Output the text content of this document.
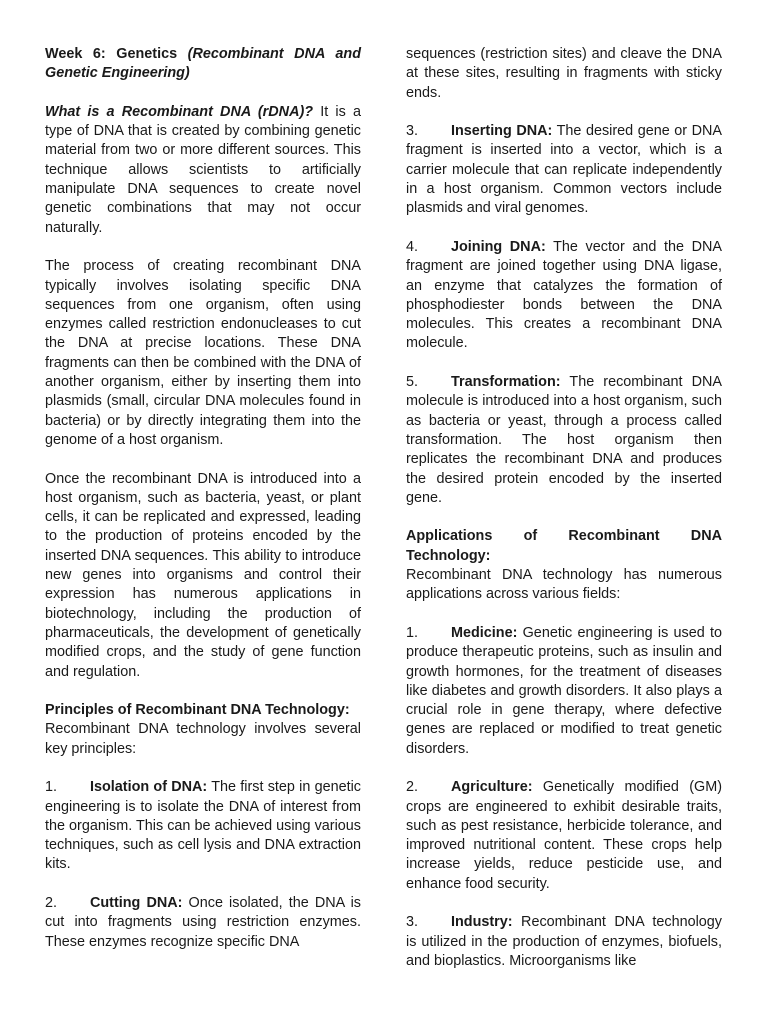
Week 6: Genetics (Recombinant DNA and Genetic Engineering)

What is a Recombinant DNA (rDNA)? It is a type of DNA that is created by combining genetic material from two or more different sources. This technique allows scientists to artificially manipulate DNA sequences to create novel genetic combinations that may not occur naturally.

The process of creating recombinant DNA typically involves isolating specific DNA sequences from one organism, often using enzymes called restriction endonucleases to cut the DNA at precise locations. These DNA fragments can then be combined with the DNA of another organism, either by inserting them into plasmids (small, circular DNA molecules found in bacteria) or by directly integrating them into the genome of a host organism.

Once the recombinant DNA is introduced into a host organism, such as bacteria, yeast, or plant cells, it can be replicated and expressed, leading to the production of proteins encoded by the inserted DNA sequences. This ability to introduce new genes into organisms and control their expression has numerous applications in biotechnology, including the production of pharmaceuticals, the development of genetically modified crops, and the study of gene function and regulation.

Principles of Recombinant DNA Technology:

Recombinant DNA technology involves several key principles:

1. Isolation of DNA: The first step in genetic engineering is to isolate the DNA of interest from the organism. This can be achieved using various techniques, such as cell lysis and DNA extraction kits.

2. Cutting DNA: Once isolated, the DNA is cut into fragments using restriction enzymes. These enzymes recognize specific DNA

sequences (restriction sites) and cleave the DNA at these sites, resulting in fragments with sticky ends.

3. Inserting DNA: The desired gene or DNA fragment is inserted into a vector, which is a carrier molecule that can replicate independently in a host organism. Common vectors include plasmids and viral genomes.

4. Joining DNA: The vector and the DNA fragment are joined together using DNA ligase, an enzyme that catalyzes the formation of phosphodiester bonds between the DNA molecules. This creates a recombinant DNA molecule.

5. Transformation: The recombinant DNA molecule is introduced into a host organism, such as bacteria or yeast, through a process called transformation. The host organism then replicates the recombinant DNA and produces the desired protein encoded by the inserted gene.

Applications of Recombinant DNA Technology:

Recombinant DNA technology has numerous applications across various fields:

1. Medicine: Genetic engineering is used to produce therapeutic proteins, such as insulin and growth hormones, for the treatment of diseases like diabetes and growth disorders. It also plays a crucial role in gene therapy, where defective genes are replaced or modified to treat genetic disorders.

2. Agriculture: Genetically modified (GM) crops are engineered to exhibit desirable traits, such as pest resistance, herbicide tolerance, and improved nutritional content. These crops help increase yields, reduce pesticide use, and enhance food security.

3. Industry: Recombinant DNA technology is utilized in the production of enzymes, biofuels, and bioplastics. Microorganisms like
